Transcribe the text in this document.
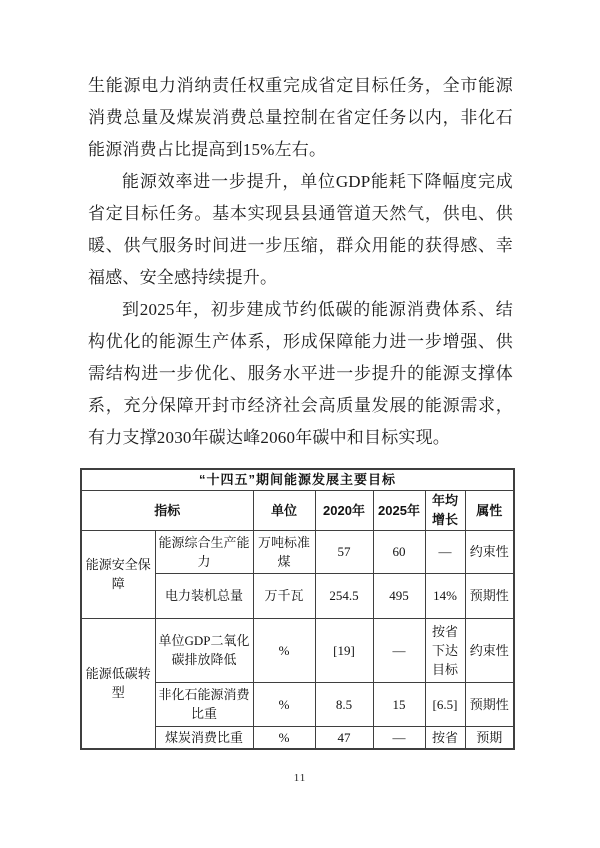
生能源电力消纳责任权重完成省定目标任务，全市能源消费总量及煤炭消费总量控制在省定任务以内，非化石能源消费占比提高到15%左右。

能源效率进一步提升，单位GDP能耗下降幅度完成省定目标任务。基本实现县县通管道天然气，供电、供暖、供气服务时间进一步压缩，群众用能的获得感、幸福感、安全感持续提升。

到2025年，初步建成节约低碳的能源消费体系、结构优化的能源生产体系，形成保障能力进一步增强、供需结构进一步优化、服务水平进一步提升的能源支撑体系，充分保障开封市经济社会高质量发展的能源需求，有力支撑2030年碳达峰2060年碳中和目标实现。

“十四五”期间能源发展主要目标						
指标		单位	2020年	2025年	年均增长	属性
能源安全保障	能源综合生产能力	万吨标准煤	57	60	—	约束性
	电力装机总量	万千瓦	254.5	495	14%	预期性
能源低碳转型	单位GDP二氧化碳排放降低	%	[19]	—	按省下达目标	约束性
	非化石能源消费比重	%	8.5	15	[6.5]	预期性
	煤炭消费比重	%	47	—	按省	预期
11
